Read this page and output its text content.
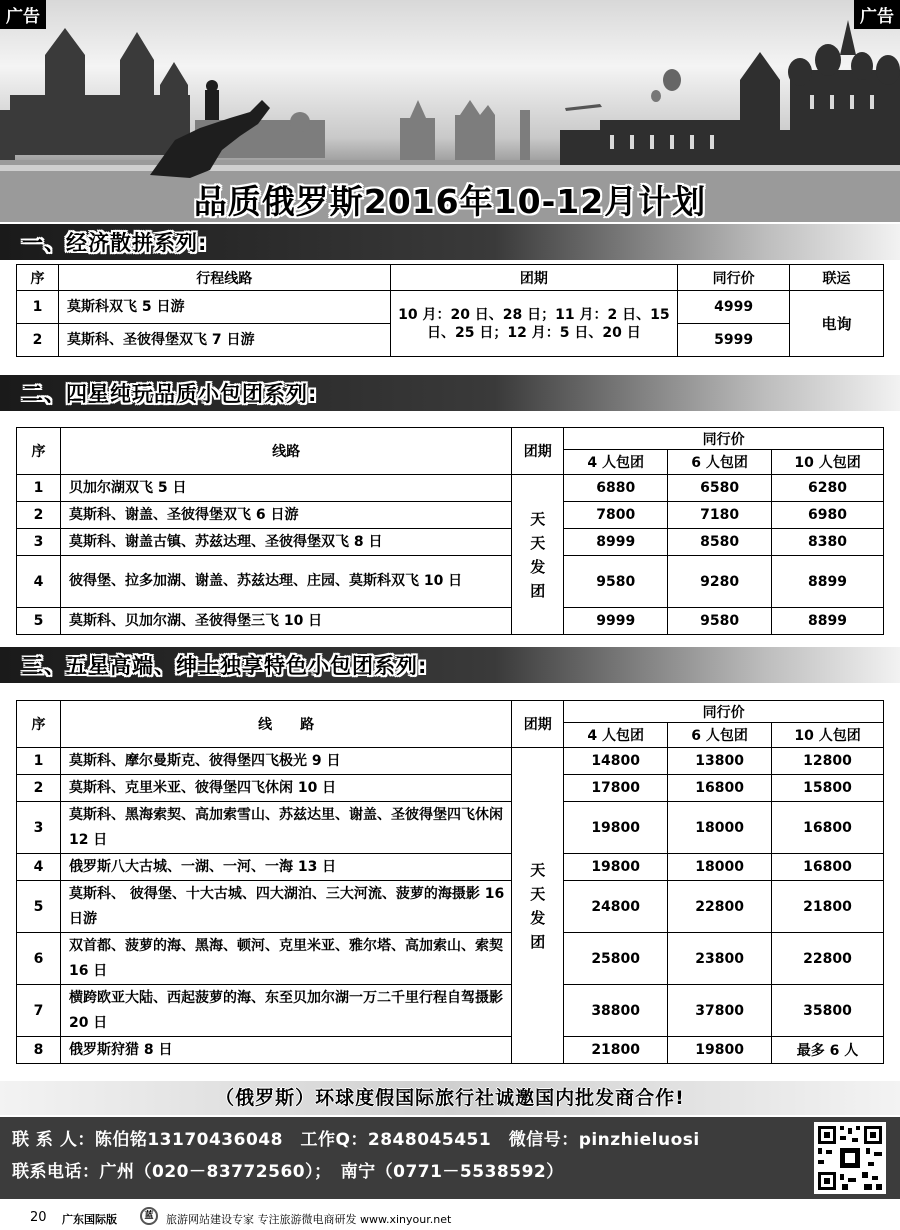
品质俄罗斯2016年10-12月计划
广告	广告
一、经济散拼系列:
序	行程线路	团期	同行价	联运
1	莫斯科双飞 5 日游	10 月：20 日、28 日；11 月：2 日、15 日、25 日；12 月：5 日、20 日	4999	电询
2	莫斯科、圣彼得堡双飞 7 日游		5999	
二、四星纯玩品质小包团系列:
序	线路	团期	同行价		
			4 人包团	6 人包团	10 人包团
1	贝加尔湖双飞 5 日	天天发团	6880	6580	6280
2	莫斯科、谢盖、圣彼得堡双飞 6 日游		7800	7180	6980
3	莫斯科、谢盖古镇、苏兹达理、圣彼得堡双飞 8 日		8999	8580	8380
4	彼得堡、拉多加湖、谢盖、苏兹达理、庄园、莫斯科双飞 10 日		9580	9280	8899
5	莫斯科、贝加尔湖、圣彼得堡三飞 10 日		9999	9580	8899
三、五星高端、绅士独享特色小包团系列:
序	线　　路	团期	同行价		
			4 人包团	6 人包团	10 人包团
1	莫斯科、摩尔曼斯克、彼得堡四飞极光 9 日	天天发团	14800	13800	12800
2	莫斯科、克里米亚、彼得堡四飞休闲 10 日		17800	16800	15800
3	莫斯科、黑海索契、高加索雪山、苏兹达里、谢盖、圣彼得堡四飞休闲 12 日		19800	18000	16800
4	俄罗斯八大古城、一湖、一河、一海 13 日		19800	18000	16800
5	莫斯科、 彼得堡、十大古城、四大湖泊、三大河流、菠萝的海摄影 16 日游		24800	22800	21800
6	双首都、菠萝的海、黑海、顿河、克里米亚、雅尔塔、高加索山、索契 16 日		25800	23800	22800
7	横跨欧亚大陆、西起菠萝的海、东至贝加尔湖一万二千里行程自驾摄影 20 日		38800	37800	35800
8	俄罗斯狩猎 8 日		21800	19800	最多 6 人
（俄罗斯）环球度假国际旅行社诚邀国内批发商合作!
联 系 人：陈伯铭13170436048　工作Q：2848045451　微信号：pinzhieluosi
联系电话：广州（020－83772560）；　南宁（0771－5538592）
20 广东国际版	蓝	旅游网站建设专家 专注旅游微电商研发 www.xinyour.net
